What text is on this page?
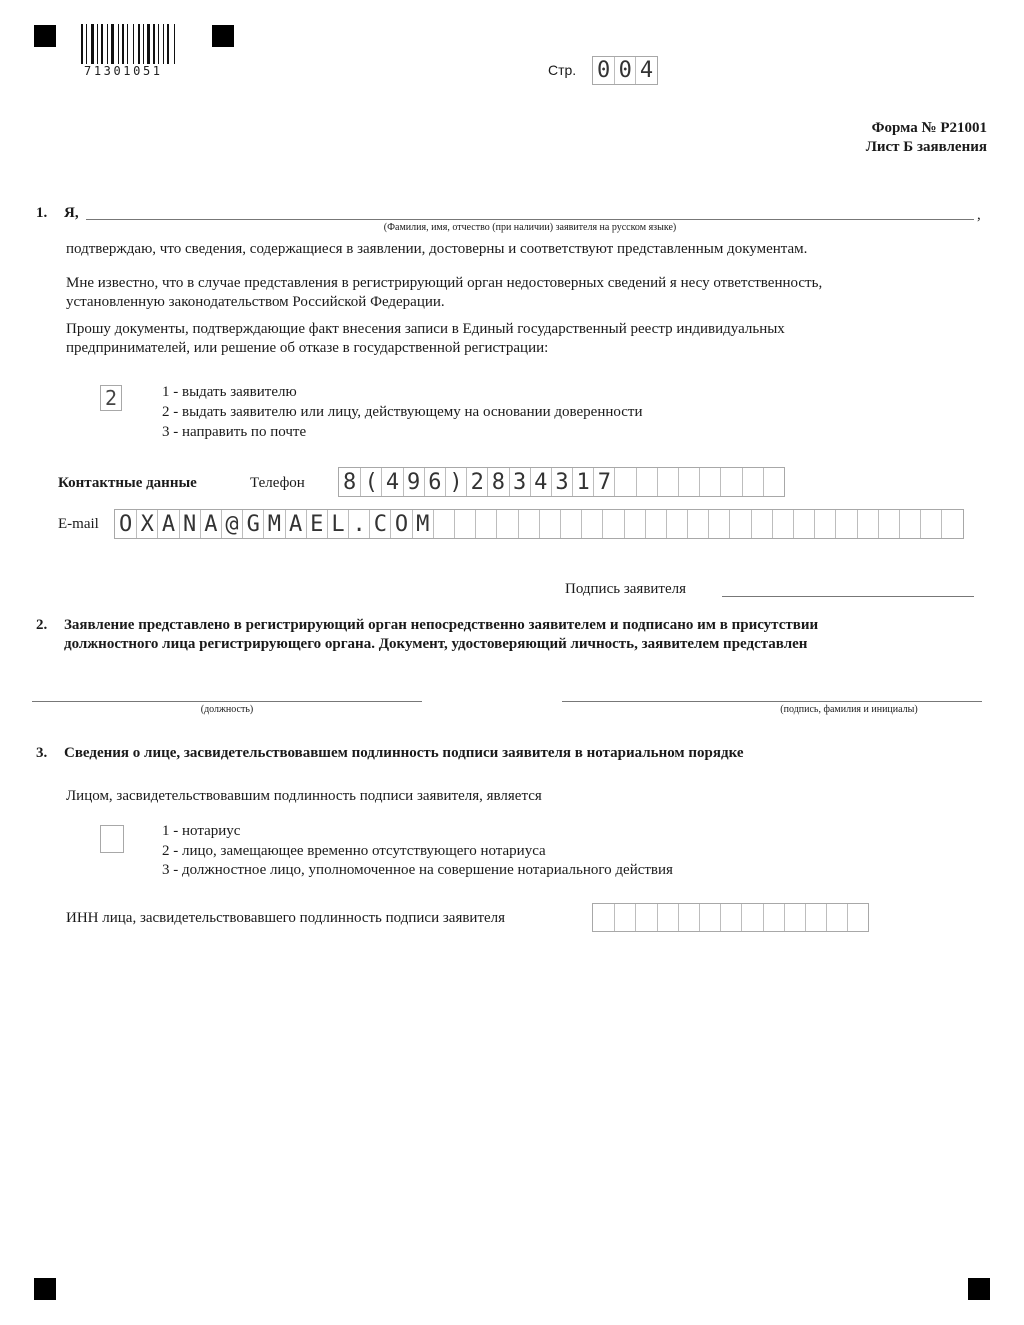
71301051	Стр. 0 0 4
Форма № Р21001
Лист Б заявления
1. Я,	,
(Фамилия, имя, отчество (при наличии) заявителя на русском языке)
подтверждаю, что сведения, содержащиеся в заявлении, достоверны и соответствуют представленным документам.
Мне известно, что в случае представления в регистрирующий орган недостоверных сведений я несу ответственность,
установленную законодательством Российской Федерации.
Прошу документы, подтверждающие факт внесения записи в Единый государственный реестр индивидуальных
предпринимателей, или решение об отказе в государственной регистрации:
2	1 - выдать заявителю
2 - выдать заявителю или лицу, действующему на основании доверенности
3 - направить по почте
Контактные данные	Телефон 8 ( 4 9 6 ) 2 8 3 4 3 1 7
E-mail O X A N A @ G M A E L . C O M
Подпись заявителя
2. Заявление представлено в регистрирующий орган непосредственно заявителем и подписано им в присутствии
должностного лица регистрирующего органа. Документ, удостоверяющий личность, заявителем представлен
(должность)	(подпись, фамилия и инициалы)
3. Сведения о лице, засвидетельствовавшем подлинность подписи заявителя в нотариальном порядке
Лицом, засвидетельствовавшим подлинность подписи заявителя, является
1 - нотариус
2 - лицо, замещающее временно отсутствующего нотариуса
3 - должностное лицо, уполномоченное на совершение нотариального действия
ИНН лица, засвидетельствовавшего подлинность подписи заявителя
